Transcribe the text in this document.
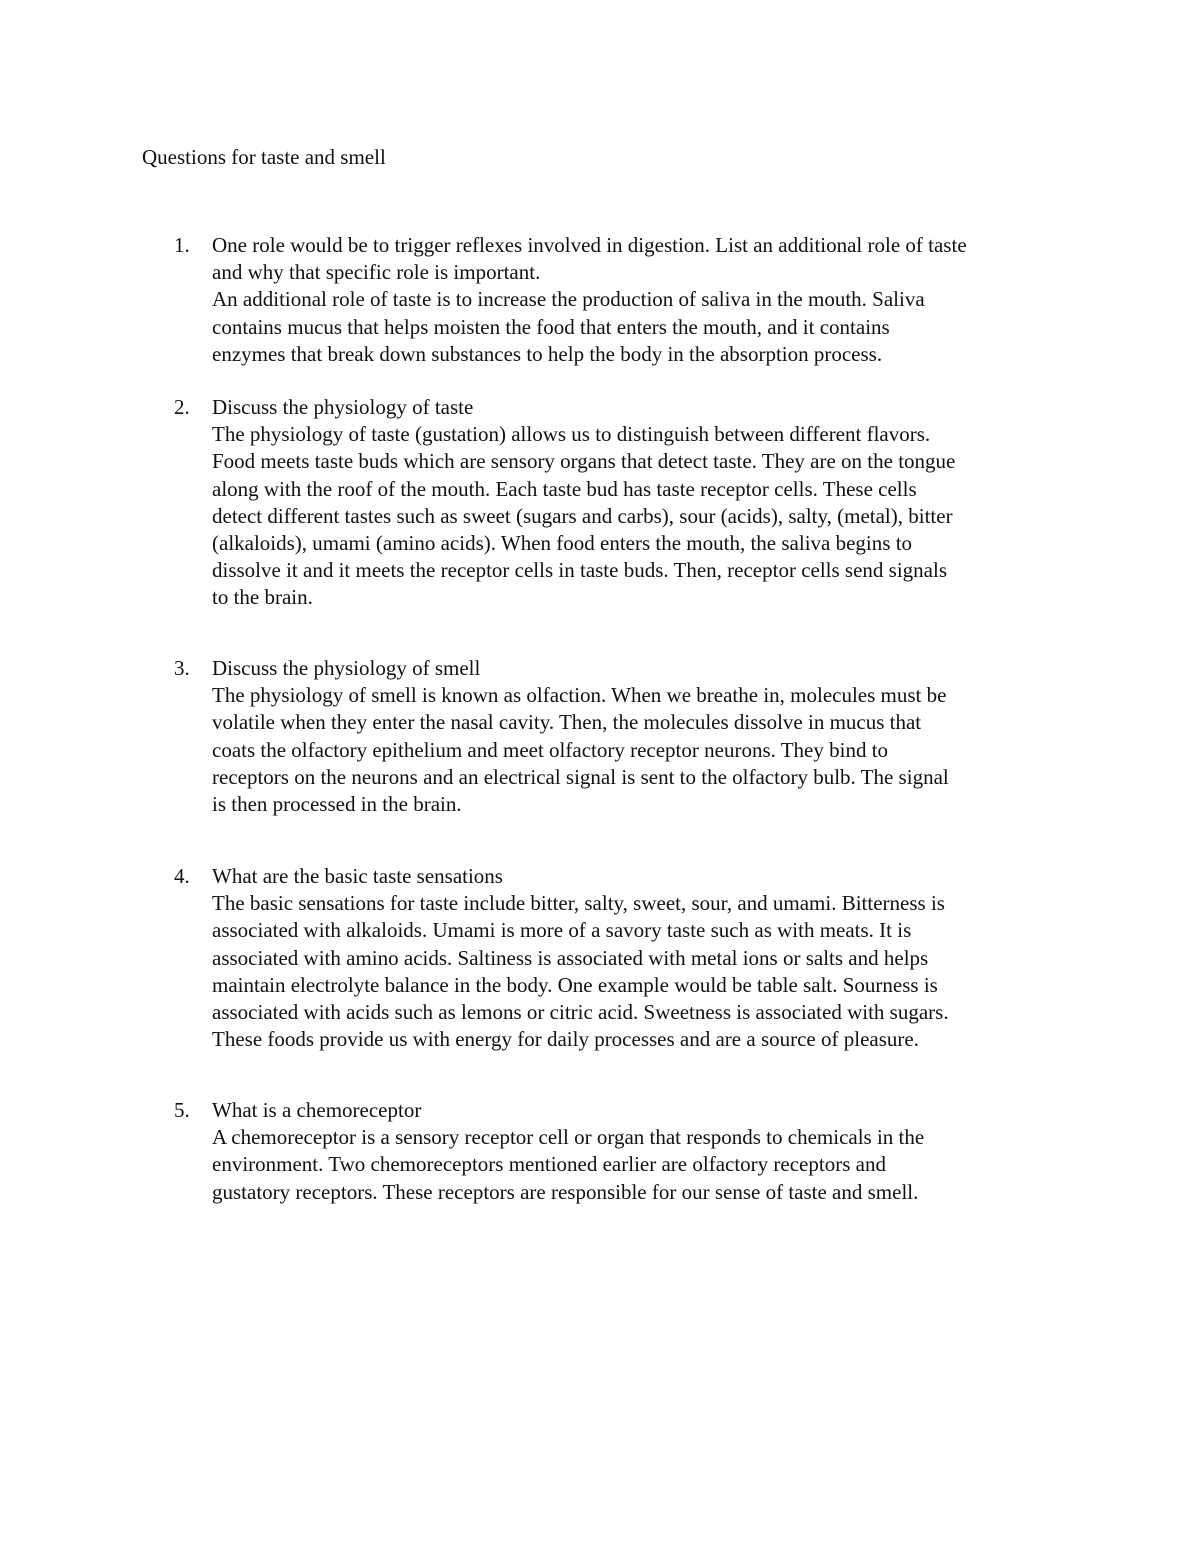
Questions for taste and smell
1.	One role would be to trigger reflexes involved in digestion. List an additional role of taste
and why that specific role is important.
An additional role of taste is to increase the production of saliva in the mouth. Saliva
contains mucus that helps moisten the food that enters the mouth, and it contains
enzymes that break down substances to help the body in the absorption process.
2.	Discuss the physiology of taste
The physiology of taste (gustation) allows us to distinguish between different flavors.
Food meets taste buds which are sensory organs that detect taste. They are on the tongue
along with the roof of the mouth. Each taste bud has taste receptor cells. These cells
detect different tastes such as sweet (sugars and carbs), sour (acids), salty, (metal), bitter
(alkaloids), umami (amino acids). When food enters the mouth, the saliva begins to
dissolve it and it meets the receptor cells in taste buds. Then, receptor cells send signals
to the brain.
3.	Discuss the physiology of smell
The physiology of smell is known as olfaction. When we breathe in, molecules must be
volatile when they enter the nasal cavity. Then, the molecules dissolve in mucus that
coats the olfactory epithelium and meet olfactory receptor neurons. They bind to
receptors on the neurons and an electrical signal is sent to the olfactory bulb. The signal
is then processed in the brain.
4.	What are the basic taste sensations
The basic sensations for taste include bitter, salty, sweet, sour, and umami. Bitterness is
associated with alkaloids. Umami is more of a savory taste such as with meats. It is
associated with amino acids. Saltiness is associated with metal ions or salts and helps
maintain electrolyte balance in the body. One example would be table salt. Sourness is
associated with acids such as lemons or citric acid. Sweetness is associated with sugars.
These foods provide us with energy for daily processes and are a source of pleasure.
5.	What is a chemoreceptor
A chemoreceptor is a sensory receptor cell or organ that responds to chemicals in the
environment. Two chemoreceptors mentioned earlier are olfactory receptors and
gustatory receptors. These receptors are responsible for our sense of taste and smell.
